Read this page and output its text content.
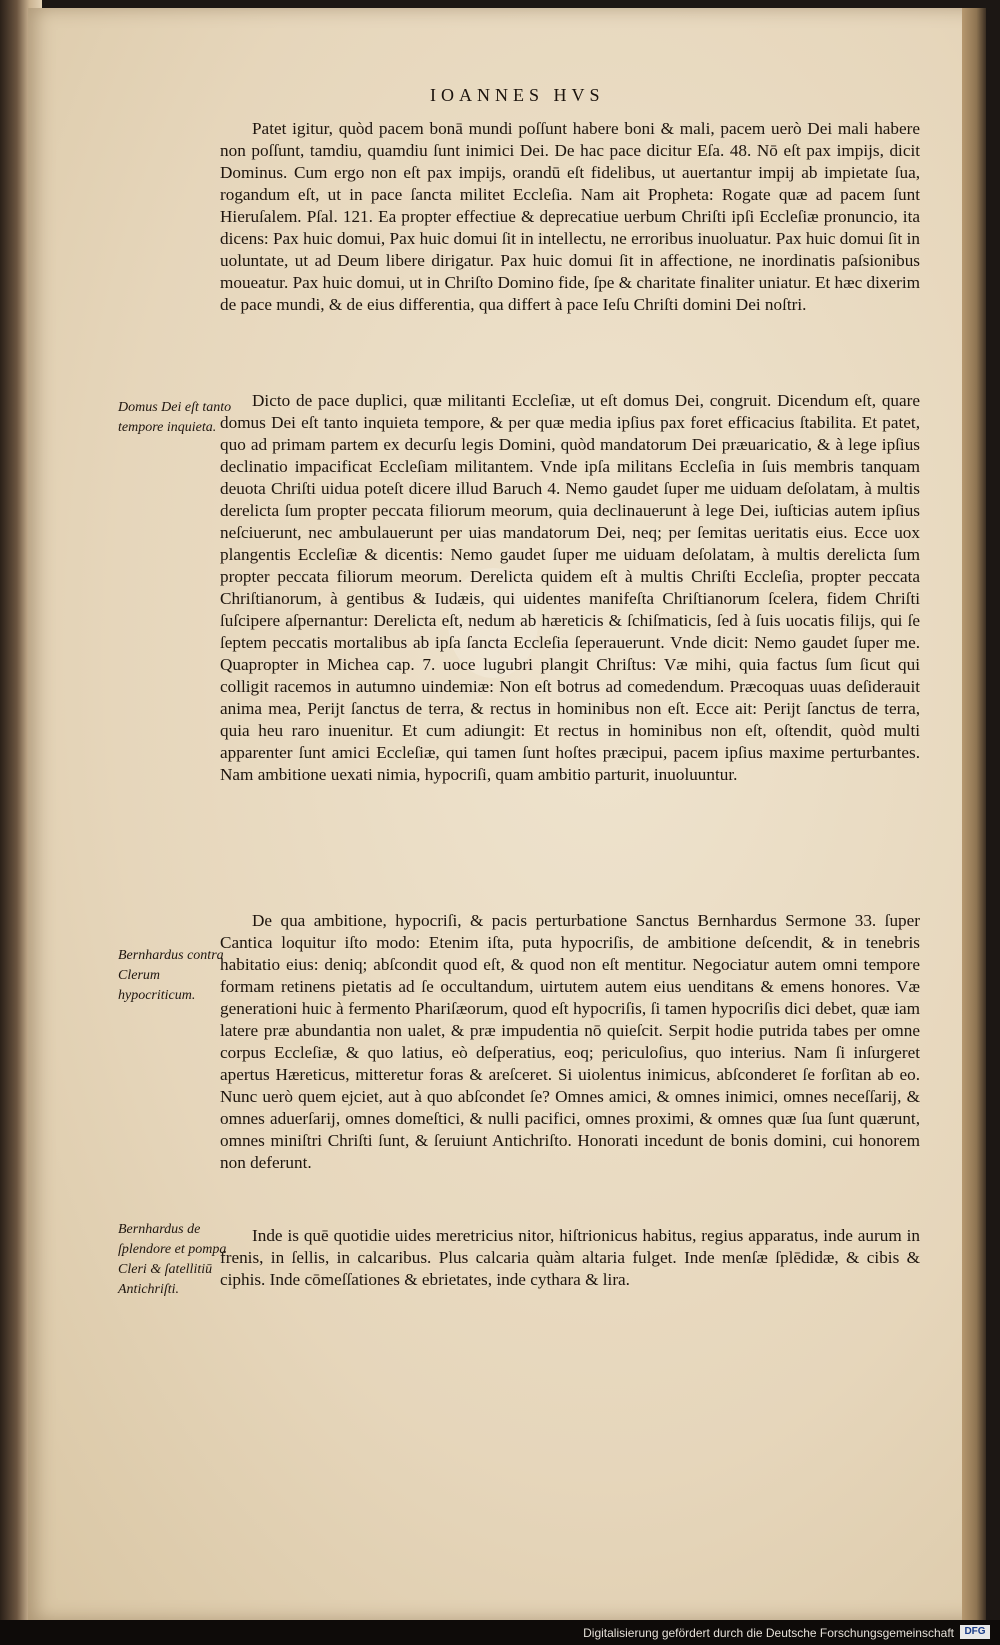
IOANNES HVS

Patet igitur, quòd pacem bonā mundi poſſunt habere boni & mali, pacem uerò Dei mali habere non poſſunt, tamdiu, quamdiu ſunt inimici Dei. De hac pace dicitur Eſa. 48. Nō eſt pax impijs, dicit Dominus. Cum ergo non eſt pax impijs, orandū eſt fidelibus, ut auertantur impij ab impietate ſua, rogandum eſt, ut in pace ſancta militet Eccleſia. Nam ait Propheta: Rogate quæ ad pacem ſunt Hieruſalem. Pſal. 121. Ea propter effectiue & deprecatiue uerbum Chriſti ipſi Eccleſiæ pronuncio, ita dicens: Pax huic domui, Pax huic domui ſit in intellectu, ne erroribus inuoluatur. Pax huic domui ſit in uoluntate, ut ad Deum libere dirigatur. Pax huic domui ſit in affectione, ne inordinatis paſsionibus moueatur. Pax huic domui, ut in Chriſto Domino fide, ſpe & charitate finaliter uniatur. Et hæc dixerim de pace mundi, & de eius differentia, qua differt à pace Ieſu Chriſti domini Dei noſtri.

Domus Dei eſt tanto tempore inquieta.

Dicto de pace duplici, quæ militanti Eccleſiæ, ut eſt domus Dei, congruit. Dicendum eſt, quare domus Dei eſt tanto inquieta tempore, & per quæ media ipſius pax foret efficacius ſtabilita. Et patet, quo ad primam partem ex decurſu legis Domini, quòd mandatorum Dei præuaricatio, & à lege ipſius declinatio impacificat Eccleſiam militantem. Vnde ipſa militans Eccleſia in ſuis membris tanquam deuota Chriſti uidua poteſt dicere illud Baruch 4. Nemo gaudet ſuper me uiduam deſolatam, à multis derelicta ſum propter peccata filiorum meorum, quia declinauerunt à lege Dei, iuſticias autem ipſius neſciuerunt, nec ambulauerunt per uias mandatorum Dei, neq; per ſemitas ueritatis eius. Ecce uox plangentis Eccleſiæ & dicentis: Nemo gaudet ſuper me uiduam deſolatam, à multis derelicta ſum propter peccata filiorum meorum. Derelicta quidem eſt à multis Chriſti Eccleſia, propter peccata Chriſtianorum, à gentibus & Iudæis, qui uidentes manifeſta Chriſtianorum ſcelera, fidem Chriſti ſuſcipere aſpernantur: Derelicta eſt, nedum ab hæreticis & ſchiſmaticis, ſed à ſuis uocatis filijs, qui ſe ſeptem peccatis mortalibus ab ipſa ſancta Eccleſia ſeperauerunt. Vnde dicit: Nemo gaudet ſuper me. Quapropter in Michea cap. 7. uoce lugubri plangit Chriſtus: Væ mihi, quia factus ſum ſicut qui colligit racemos in autumno uindemiæ: Non eſt botrus ad comedendum. Præcoquas uuas deſiderauit anima mea, Perijt ſanctus de terra, & rectus in hominibus non eſt. Ecce ait: Perijt ſanctus de terra, quia heu raro inuenitur. Et cum adiungit: Et rectus in hominibus non eſt, oſtendit, quòd multi apparenter ſunt amici Eccleſiæ, qui tamen ſunt hoſtes præcipui, pacem ipſius maxime perturbantes. Nam ambitione uexati nimia, hypocriſi, quam ambitio parturit, inuoluuntur.

Bernhardus contra Clerum hypocriticum.

De qua ambitione, hypocriſi, & pacis perturbatione Sanctus Bernhardus Sermone 33. ſuper Cantica loquitur iſto modo: Etenim iſta, puta hypocriſis, de ambitione deſcendit, & in tenebris habitatio eius: deniq; abſcondit quod eſt, & quod non eſt mentitur. Negociatur autem omni tempore formam retinens pietatis ad ſe occultandum, uirtutem autem eius uenditans & emens honores. Væ generationi huic à fermento Phariſæorum, quod eſt hypocriſis, ſi tamen hypocriſis dici debet, quæ iam latere præ abundantia non ualet, & præ impudentia nō quieſcit. Serpit hodie putrida tabes per omne corpus Eccleſiæ, & quo latius, eò deſperatius, eoq; periculoſius, quo interius. Nam ſi inſurgeret apertus Hæreticus, mitteretur foras & areſceret. Si uiolentus inimicus, abſconderet ſe forſitan ab eo. Nunc uerò quem ejciet, aut à quo abſcondet ſe? Omnes amici, & omnes inimici, omnes neceſſarij, & omnes aduerſarij, omnes domeſtici, & nulli pacifici, omnes proximi, & omnes quæ ſua ſunt quærunt, omnes miniſtri Chriſti ſunt, & ſeruiunt Antichriſto. Honorati incedunt de bonis domini, cui honorem non deferunt.

Bernhardus de ſplendore et pompa Cleri & ſatellitiū Antichriſti.

Inde is quē quotidie uides meretricius nitor, hiſtrionicus habitus, regius apparatus, inde aurum in frenis, in ſellis, in calcaribus. Plus calcaria quàm altaria fulget. Inde menſæ ſplēdidæ, & cibis & ciphis. Inde cōmeſſationes & ebrietates, inde cythara & lira.

Digitalisierung gefördert durch die Deutsche Forschungsgemeinschaft	DFG
